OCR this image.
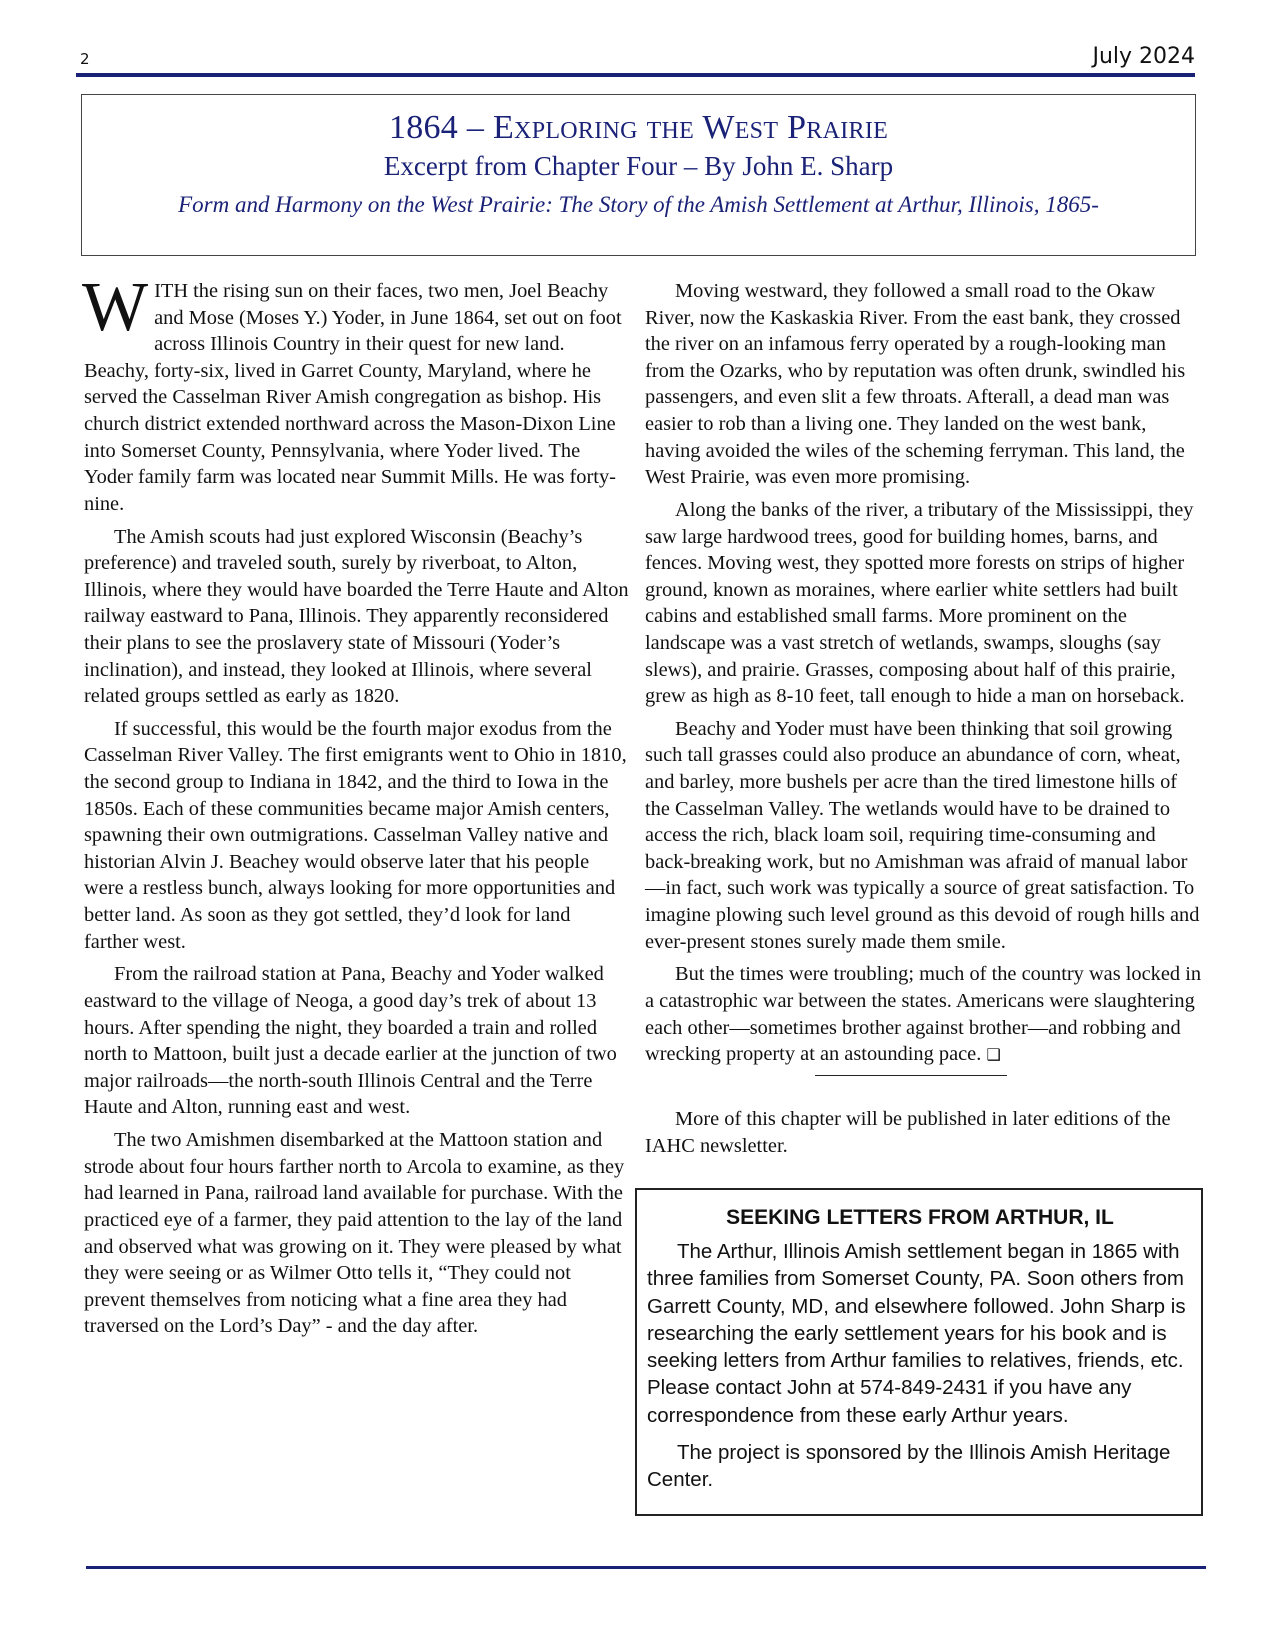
2	July 2024
1864 – Exploring the West Prairie
Excerpt from Chapter Four – By John E. Sharp
Form and Harmony on the West Prairie: The Story of the Amish Settlement at Arthur, Illinois, 1865-

WITH the rising sun on their faces, two men, Joel Beachy and Mose (Moses Y.) Yoder, in June 1864, set out on foot across Illinois Country in their quest for new land. Beachy, forty-six, lived in Garret County, Maryland, where he served the Casselman River Amish congregation as bishop. His church district extended northward across the Mason-Dixon Line into Somerset County, Pennsylvania, where Yoder lived. The Yoder family farm was located near Summit Mills. He was forty-nine.

The Amish scouts had just explored Wisconsin (Beachy’s preference) and traveled south, surely by riverboat, to Alton, Illinois, where they would have boarded the Terre Haute and Alton railway eastward to Pana, Illinois. They apparently reconsidered their plans to see the proslavery state of Missouri (Yoder’s inclination), and instead, they looked at Illinois, where several related groups settled as early as 1820.

If successful, this would be the fourth major exodus from the Casselman River Valley. The first emigrants went to Ohio in 1810, the second group to Indiana in 1842, and the third to Iowa in the 1850s. Each of these communities became major Amish centers, spawning their own outmigrations. Casselman Valley native and historian Alvin J. Beachey would observe later that his people were a restless bunch, always looking for more opportunities and better land. As soon as they got settled, they’d look for land farther west.

From the railroad station at Pana, Beachy and Yoder walked eastward to the village of Neoga, a good day’s trek of about 13 hours. After spending the night, they boarded a train and rolled north to Mattoon, built just a decade earlier at the junction of two major railroads—the north-south Illinois Central and the Terre Haute and Alton, running east and west.

The two Amishmen disembarked at the Mattoon station and strode about four hours farther north to Arcola to examine, as they had learned in Pana, railroad land available for purchase. With the practiced eye of a farmer, they paid attention to the lay of the land and observed what was growing on it. They were pleased by what they were seeing or as Wilmer Otto tells it, “They could not prevent themselves from noticing what a fine area they had traversed on the Lord’s Day” - and the day after.

Moving westward, they followed a small road to the Okaw River, now the Kaskaskia River. From the east bank, they crossed the river on an infamous ferry operated by a rough-looking man from the Ozarks, who by reputation was often drunk, swindled his passengers, and even slit a few throats. Afterall, a dead man was easier to rob than a living one. They landed on the west bank, having avoided the wiles of the scheming ferryman. This land, the West Prairie, was even more promising.

Along the banks of the river, a tributary of the Mississippi, they saw large hardwood trees, good for building homes, barns, and fences. Moving west, they spotted more forests on strips of higher ground, known as moraines, where earlier white settlers had built cabins and established small farms. More prominent on the landscape was a vast stretch of wetlands, swamps, sloughs (say slews), and prairie. Grasses, composing about half of this prairie, grew as high as 8-10 feet, tall enough to hide a man on horseback.

Beachy and Yoder must have been thinking that soil growing such tall grasses could also produce an abundance of corn, wheat, and barley, more bushels per acre than the tired limestone hills of the Casselman Valley. The wetlands would have to be drained to access the rich, black loam soil, requiring time-consuming and back-breaking work, but no Amishman was afraid of manual labor—in fact, such work was typically a source of great satisfaction. To imagine plowing such level ground as this devoid of rough hills and ever-present stones surely made them smile.

But the times were troubling; much of the country was locked in a catastrophic war between the states. Americans were slaughtering each other—sometimes brother against brother—and robbing and wrecking property at an astounding pace. ❑

More of this chapter will be published in later editions of the IAHC newsletter.

SEEKING LETTERS FROM ARTHUR, IL

The Arthur, Illinois Amish settlement began in 1865 with three families from Somerset County, PA. Soon others from Garrett County, MD, and elsewhere followed. John Sharp is researching the early settlement years for his book and is seeking letters from Arthur families to relatives, friends, etc. Please contact John at 574-849-2431 if you have any correspondence from these early Arthur years.

The project is sponsored by the Illinois Amish Heritage Center.
